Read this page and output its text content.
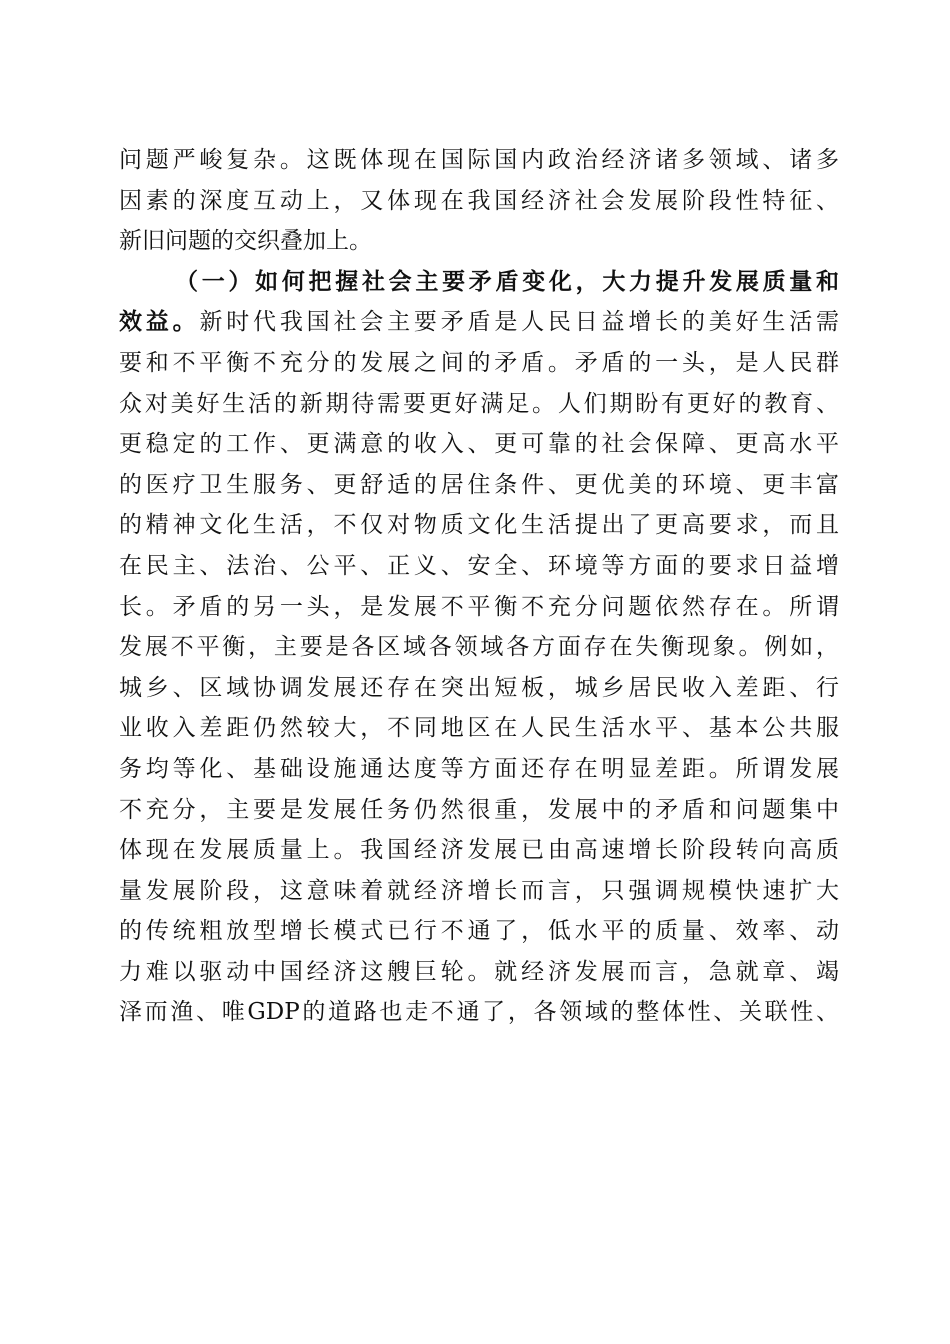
问题严峻复杂。这既体现在国际国内政治经济诸多领域、诸多
因素的深度互动上，又体现在我国经济社会发展阶段性特征、
新旧问题的交织叠加上。
（一）如何把握社会主要矛盾变化，大力提升发展质量和
效益。新时代我国社会主要矛盾是人民日益增长的美好生活需
要和不平衡不充分的发展之间的矛盾。矛盾的一头，是人民群
众对美好生活的新期待需要更好满足。人们期盼有更好的教育、
更稳定的工作、更满意的收入、更可靠的社会保障、更高水平
的医疗卫生服务、更舒适的居住条件、更优美的环境、更丰富
的精神文化生活，不仅对物质文化生活提出了更高要求，而且
在民主、法治、公平、正义、安全、环境等方面的要求日益增
长。矛盾的另一头，是发展不平衡不充分问题依然存在。所谓
发展不平衡，主要是各区域各领域各方面存在失衡现象。例如，
城乡、区域协调发展还存在突出短板，城乡居民收入差距、行
业收入差距仍然较大，不同地区在人民生活水平、基本公共服
务均等化、基础设施通达度等方面还存在明显差距。所谓发展
不充分，主要是发展任务仍然很重，发展中的矛盾和问题集中
体现在发展质量上。我国经济发展已由高速增长阶段转向高质
量发展阶段，这意味着就经济增长而言，只强调规模快速扩大
的传统粗放型增长模式已行不通了，低水平的质量、效率、动
力难以驱动中国经济这艘巨轮。就经济发展而言，急就章、竭
泽而渔、唯GDP的道路也走不通了，各领域的整体性、关联性、
